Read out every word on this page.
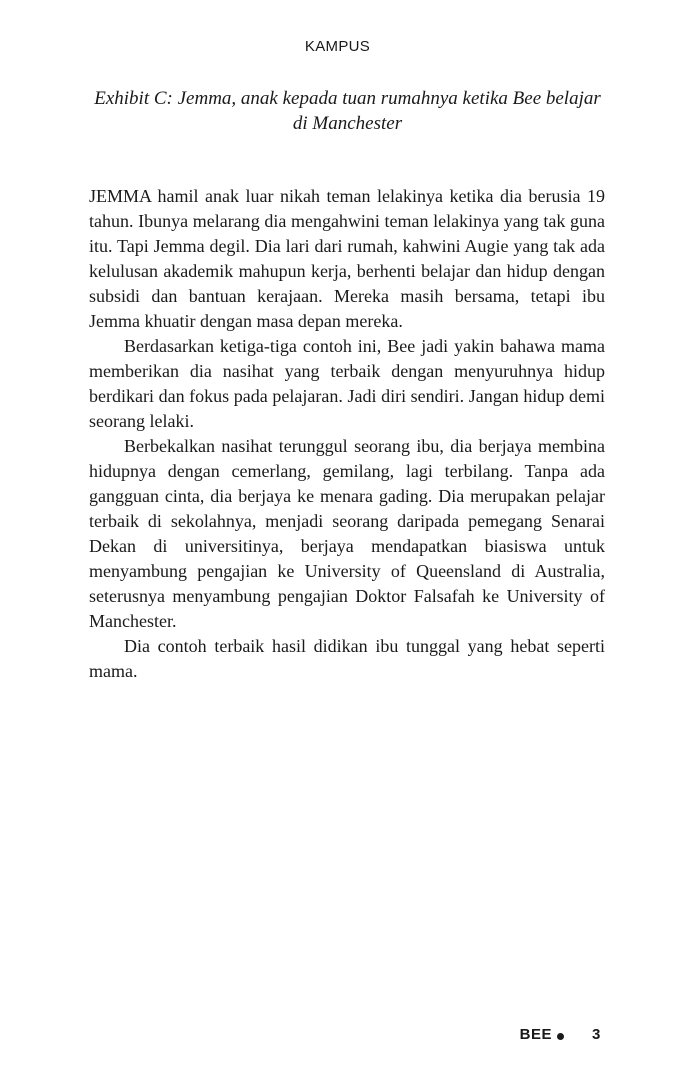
KAMPUS
Exhibit C: Jemma, anak kepada tuan rumahnya ketika Bee belajar di Manchester

JEMMA hamil anak luar nikah teman lelakinya ketika dia berusia 19 tahun. Ibunya melarang dia mengahwini teman lelakinya yang tak guna itu. Tapi Jemma degil. Dia lari dari rumah, kahwini Augie yang tak ada kelulusan akademik mahupun kerja, berhenti belajar dan hidup dengan subsidi dan bantuan kerajaan. Mereka masih bersama, tetapi ibu Jemma khuatir dengan masa depan mereka.

Berdasarkan ketiga-tiga contoh ini, Bee jadi yakin bahawa mama memberikan dia nasihat yang terbaik dengan menyuruhnya hidup berdikari dan fokus pada pelajaran. Jadi diri sendiri. Jangan hidup demi seorang lelaki.

Berbekalkan nasihat terunggul seorang ibu, dia berjaya membina hidupnya dengan cemerlang, gemilang, lagi terbilang. Tanpa ada gangguan cinta, dia berjaya ke menara gading. Dia merupakan pelajar terbaik di sekolahnya, menjadi seorang daripada pemegang Senarai Dekan di universitinya, berjaya mendapatkan biasiswa untuk menyambung pengajian ke University of Queensland di Australia, seterusnya menyambung pengajian Doktor Falsafah ke University of Manchester.

Dia contoh terbaik hasil didikan ibu tunggal yang hebat seperti mama.

BEE	3
